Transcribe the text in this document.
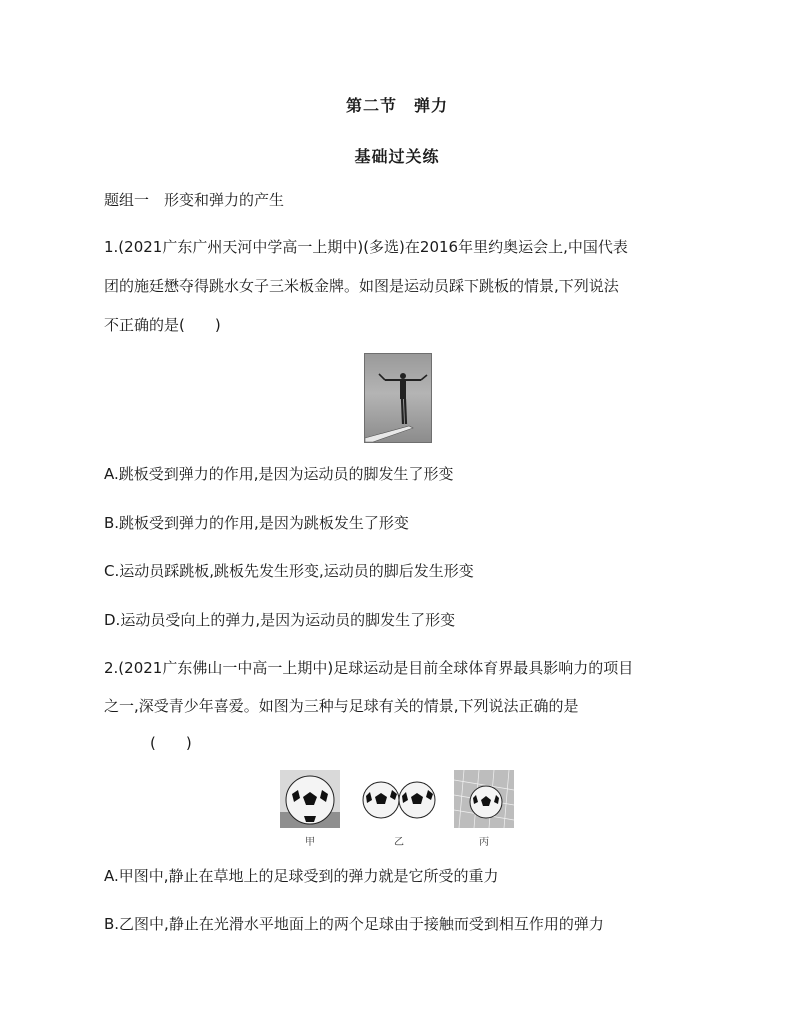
第二节　弹力
基础过关练
题组一　形变和弹力的产生
1.(2021广东广州天河中学高一上期中)(多选)在2016年里约奥运会上,中国代表
团的施廷懋夺得跳水女子三米板金牌。如图是运动员踩下跳板的情景,下列说法
不正确的是(　　)
A.跳板受到弹力的作用,是因为运动员的脚发生了形变
B.跳板受到弹力的作用,是因为跳板发生了形变
C.运动员踩跳板,跳板先发生形变,运动员的脚后发生形变
D.运动员受向上的弹力,是因为运动员的脚发生了形变
2.(2021广东佛山一中高一上期中)足球运动是目前全球体育界最具影响力的项目
之一,深受青少年喜爱。如图为三种与足球有关的情景,下列说法正确的是
(　　)
甲	乙	丙
A.甲图中,静止在草地上的足球受到的弹力就是它所受的重力
B.乙图中,静止在光滑水平地面上的两个足球由于接触而受到相互作用的弹力
